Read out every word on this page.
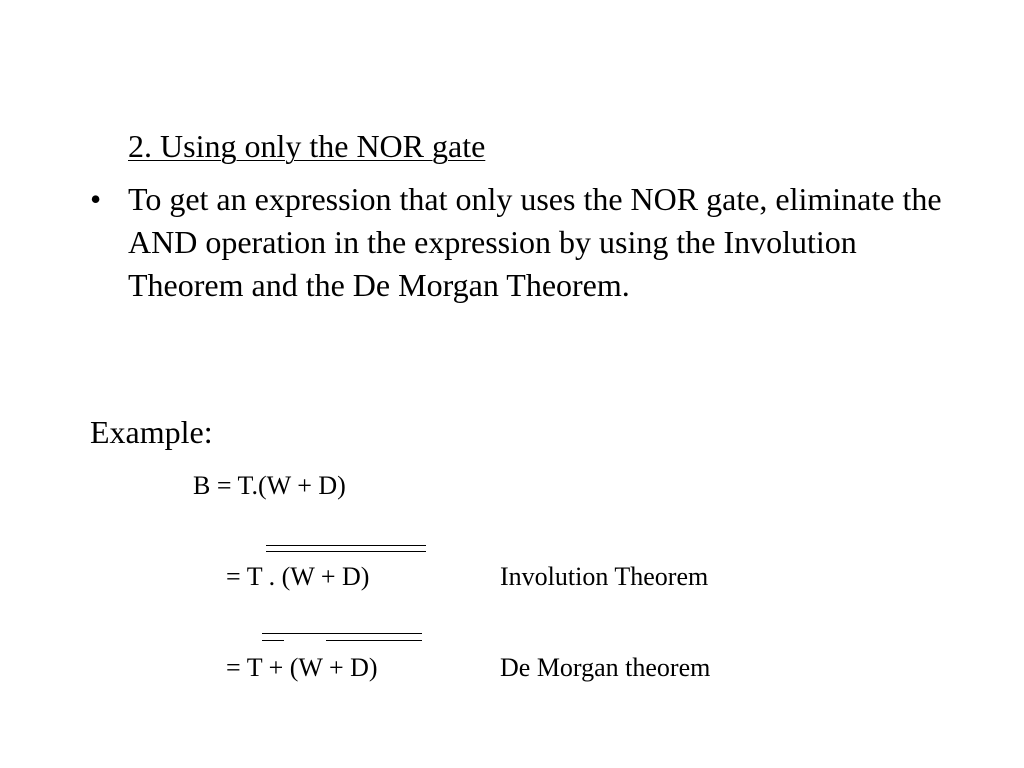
2. Using only the NOR gate
• To get an expression that only uses the NOR gate, eliminate the AND operation in the expression by using the Involution Theorem and the De Morgan Theorem.
Example:
B = T.(W + D)
= T . (W + D)	Involution Theorem
= T + (W + D)	De Morgan theorem
